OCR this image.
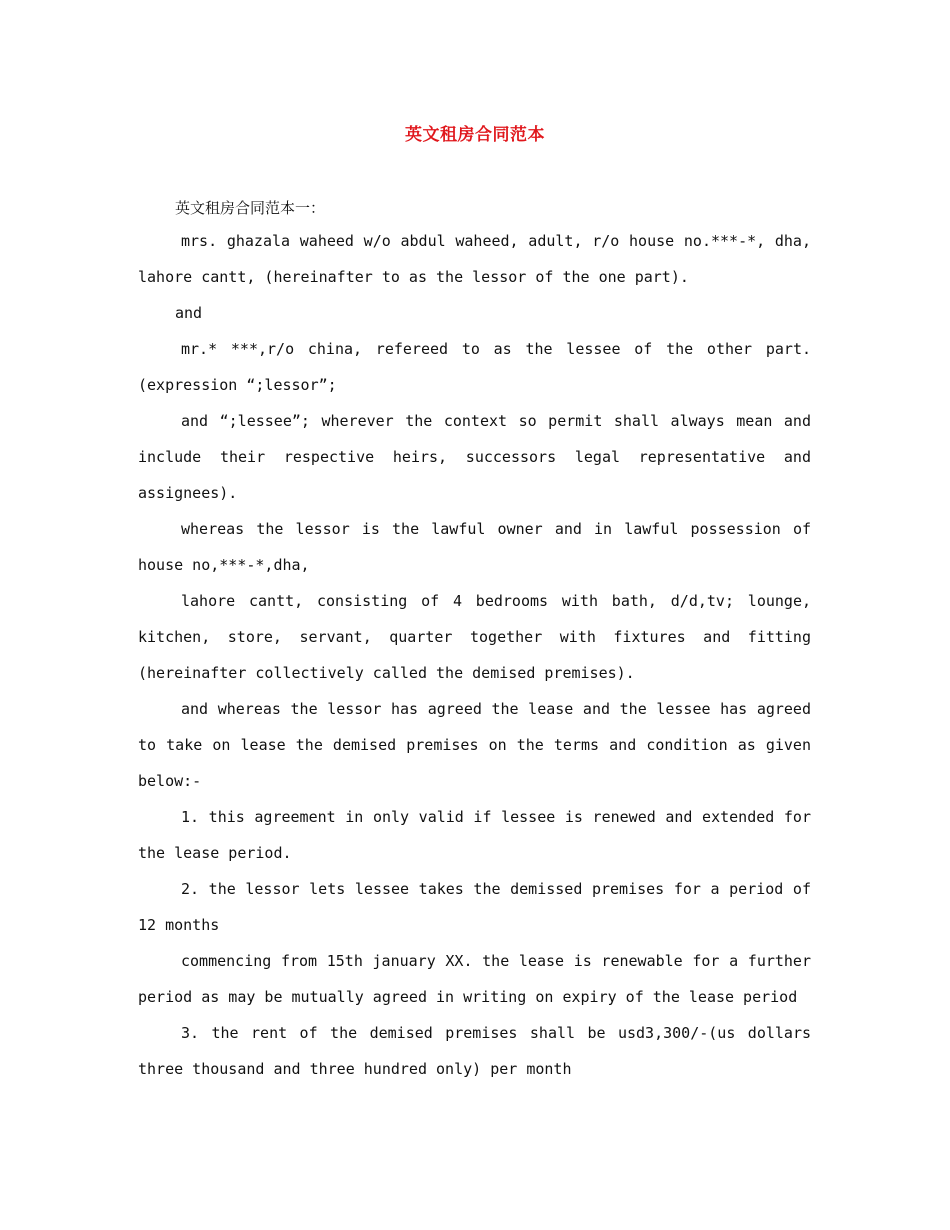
英文租房合同范本

英文租房合同范本一：

mrs. ghazala waheed w/o abdul waheed, adult, r/o house no.***-*, dha, lahore cantt, (hereinafter to as the lessor of the one part).

and

mr.* ***,r/o china, refereed to as the lessee of the other part. (expression “;lessor”;

and “;lessee”; wherever the context so permit shall always mean and include their respective heirs, successors legal representative and assignees).

whereas the lessor is the lawful owner and in lawful possession of house no,***-*,dha,

lahore cantt, consisting of 4 bedrooms with bath, d/d,tv; lounge, kitchen, store, servant, quarter together with fixtures and fitting (hereinafter collectively called the demised premises).

and whereas the lessor has agreed the lease and the lessee has agreed to take on lease the demised premises on the terms and condition as given below:-

1. this agreement in only valid if lessee is renewed and extended for the lease period.

2. the lessor lets lessee takes the demissed premises for a period of 12 months

commencing from 15th january XX. the lease is renewable for a further period as may be mutually agreed in writing on expiry of the lease period

3. the rent of the demised premises shall be usd3,300/-(us dollars three thousand and three hundred only) per month
